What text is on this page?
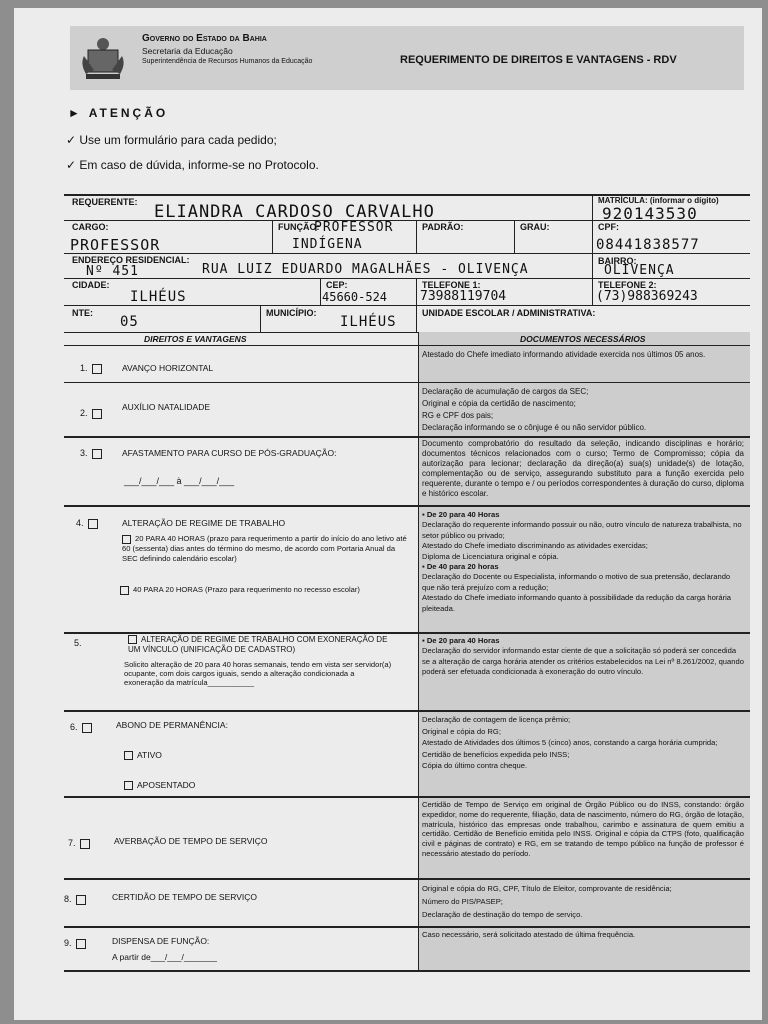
Governo do Estado da Bahia
Secretaria da Educação
Superintendência de Recursos Humanos da Educação	REQUERIMENTO DE DIREITOS E VANTAGENS - RDV
► ATENÇÃO
✓ Use um formulário para cada pedido;
✓ Em caso de dúvida, informe-se no Protocolo.
REQUERENTE: ELIANDRA CARDOSO CARVALHO
MATRÍCULA: (informar o dígito)
920143530
CARGO:
PROFESSOR
FUNÇÃO:
PROFESSOR
INDÍGENA
PADRÃO:	GRAU:	CPF:
08441838577
ENDEREÇO RESIDENCIAL:
Nº 451	RUA LUIZ EDUARDO MAGALHÃES - OLIVENÇA
BAIRRO:
OLIVENÇA
CIDADE:
ILHÉUS
CEP:
45660-524
TELEFONE 1:
73988119704
TELEFONE 2:
(73)988369243
NTE:
05
MUNICÍPIO:
ILHÉUS
UNIDADE ESCOLAR / ADMINISTRATIVA:
DIREITOS E VANTAGENS	DOCUMENTOS NECESSÁRIOS
1.	AVANÇO HORIZONTAL
Atestado do Chefe imediato informando atividade exercida nos últimos 05 anos.
2.
AUXÍLIO NATALIDADE
Declaração de acumulação de cargos da SEC;
Original e cópia da certidão de nascimento;
RG e CPF dos pais;
Declaração informando se o cônjuge é ou não servidor público.
3.	AFASTAMENTO PARA CURSO DE PÓS-GRADUAÇÃO:
___/___/___ à ___/___/___
Documento comprobatório do resultado da seleção, indicando disciplinas e horário; documentos técnicos relacionados com o curso; Termo de Compromisso; cópia da autorização para lecionar; declaração da direção(a) sua(s) unidade(s) de lotação, complementação ou de serviço, assegurando substituto para a função exercida pelo requerente, durante o tempo e / ou períodos correspondentes à duração do curso, diploma e histórico escolar.
4.	ALTERAÇÃO DE REGIME DE TRABALHO
20 PARA 40 HORAS (prazo para requerimento a partir do início do ano letivo até 60 (sessenta) dias antes do término do mesmo, de acordo com Portaria Anual da SEC definindo calendário escolar)
40 PARA 20 HORAS (Prazo para requerimento no recesso escolar)
▪ De 20 para 40 Horas
Declaração do requerente informando possuir ou não, outro vínculo de natureza trabalhista, no setor público ou privado;
Atestado do Chefe imediato discriminando as atividades exercidas;
Diploma de Licenciatura original e cópia.
▪ De 40 para 20 horas
Declaração do Docente ou Especialista, informando o motivo de sua pretensão, declarando que não terá prejuízo com a redução;
Atestado do Chefe imediato informando quanto à possibilidade da redução da carga horária pleiteada.
5.	ALTERAÇÃO DE REGIME DE TRABALHO COM EXONERAÇÃO DE UM VÍNCULO (UNIFICAÇÃO DE CADASTRO)
Solicito alteração de 20 para 40 horas semanais, tendo em vista ser servidor(a) ocupante, com dois cargos iguais, sendo a alteração condicionada a exoneração da matrícula___________
▪ De 20 para 40 Horas
Declaração do servidor informando estar ciente de que a solicitação só poderá ser concedida se a alteração de carga horária atender os critérios estabelecidos na Lei nº 8.261/2002, quando poderá ser efetuada condicionada à exoneração do outro vínculo.
6.	ABONO DE PERMANÊNCIA:
ATIVO
APOSENTADO
Declaração de contagem de licença prêmio;
Original e cópia do RG;
Atestado de Atividades dos últimos 5 (cinco) anos, constando a carga horária cumprida;
Certidão de benefícios expedida pelo INSS;
Cópia do último contra cheque.
7.	AVERBAÇÃO DE TEMPO DE SERVIÇO
Certidão de Tempo de Serviço em original de Órgão Público ou do INSS, constando: órgão expedidor, nome do requerente, filiação, data de nascimento, número do RG, órgão de lotação, matrícula, histórico das empresas onde trabalhou, carimbo e assinatura de quem emitiu a certidão. Certidão de Benefício emitida pelo INSS. Original e cópia da CTPS (foto, qualificação civil e páginas de contrato) e RG, em se tratando de tempo público na função de professor é necessário atestado do período.
8.	CERTIDÃO DE TEMPO DE SERVIÇO
Original e cópia do RG, CPF, Título de Eleitor, comprovante de residência;
Número do PIS/PASEP;
Declaração de destinação do tempo de serviço.
9.	DISPENSA DE FUNÇÃO:
A partir de___/___/_______
Caso necessário, será solicitado atestado de última frequência.
